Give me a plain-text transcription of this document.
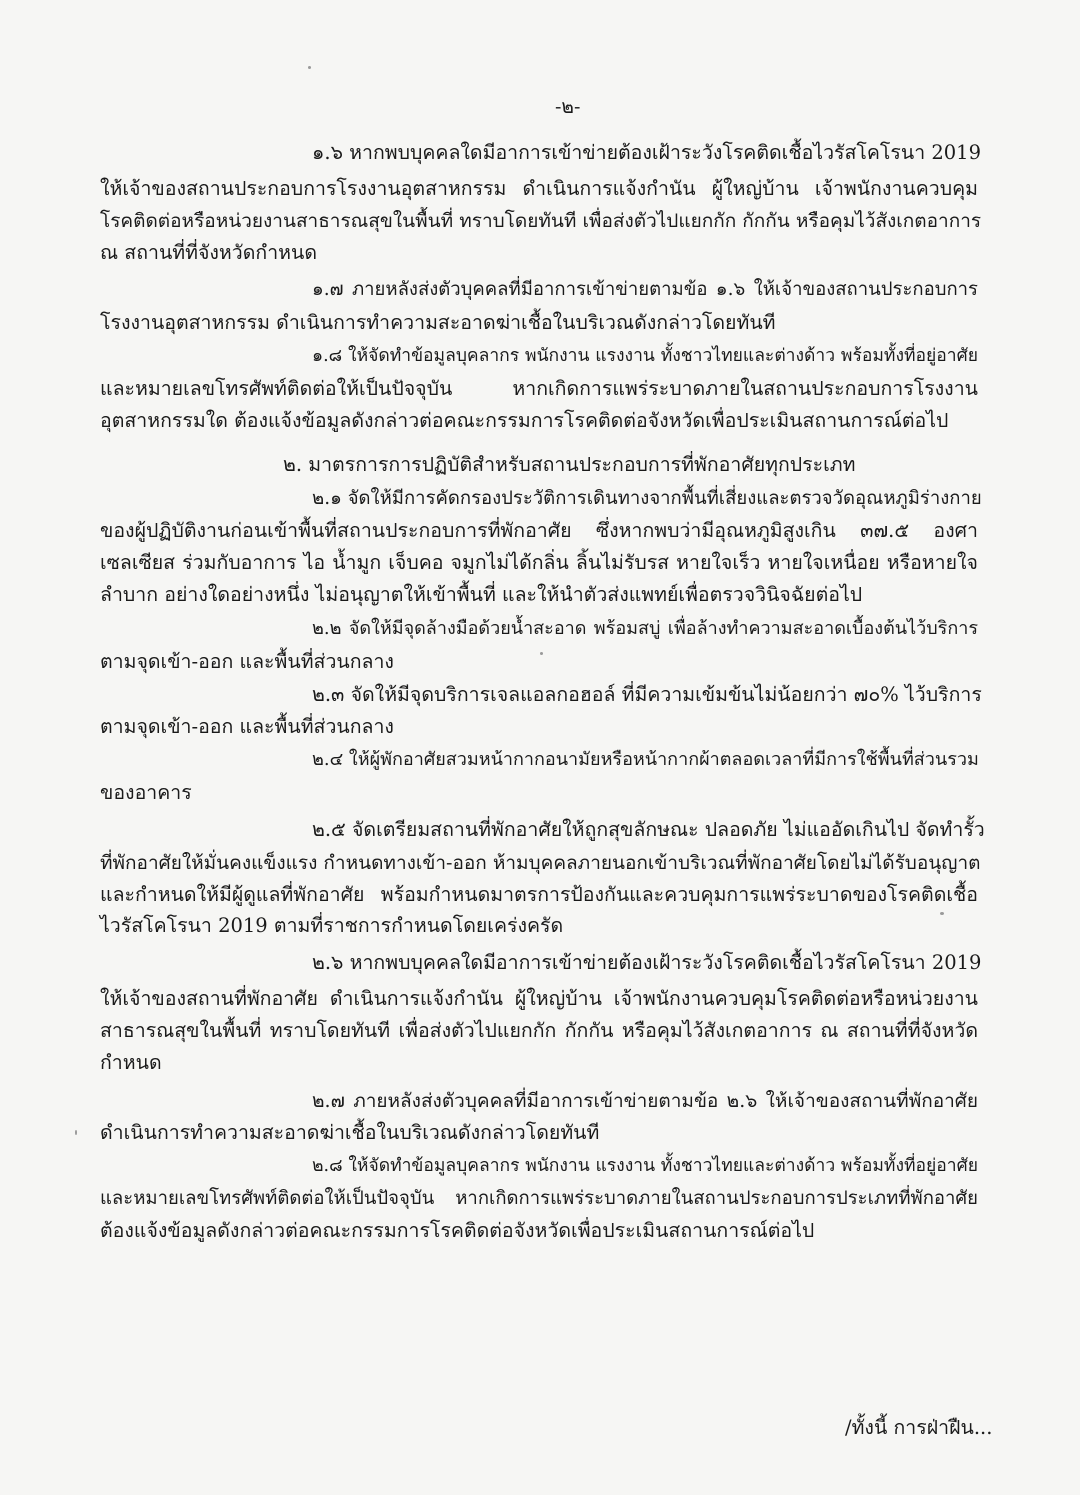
-๒-
๑.๖ หากพบบุคคลใดมีอาการเข้าข่ายต้องเฝ้าระวังโรคติดเชื้อไวรัสโคโรนา 2019
ให้เจ้าของสถานประกอบการโรงงานอุตสาหกรรม ดำเนินการแจ้งกำนัน ผู้ใหญ่บ้าน เจ้าพนักงานควบคุม
โรคติดต่อหรือหน่วยงานสาธารณสุขในพื้นที่ ทราบโดยทันที เพื่อส่งตัวไปแยกกัก กักกัน หรือคุมไว้สังเกตอาการ
ณ สถานที่ที่จังหวัดกำหนด
๑.๗ ภายหลังส่งตัวบุคคลที่มีอาการเข้าข่ายตามข้อ ๑.๖ ให้เจ้าของสถานประกอบการ
โรงงานอุตสาหกรรม ดำเนินการทำความสะอาดฆ่าเชื้อในบริเวณดังกล่าวโดยทันที
๑.๘ ให้จัดทำข้อมูลบุคลากร พนักงาน แรงงาน ทั้งชาวไทยและต่างด้าว พร้อมทั้งที่อยู่อาศัย
และหมายเลขโทรศัพท์ติดต่อให้เป็นปัจจุบัน หากเกิดการแพร่ระบาดภายในสถานประกอบการโรงงาน
อุตสาหกรรมใด ต้องแจ้งข้อมูลดังกล่าวต่อคณะกรรมการโรคติดต่อจังหวัดเพื่อประเมินสถานการณ์ต่อไป
๒. มาตรการการปฏิบัติสำหรับสถานประกอบการที่พักอาศัยทุกประเภท
๒.๑ จัดให้มีการคัดกรองประวัติการเดินทางจากพื้นที่เสี่ยงและตรวจวัดอุณหภูมิร่างกาย
ของผู้ปฏิบัติงานก่อนเข้าพื้นที่สถานประกอบการที่พักอาศัย ซึ่งหากพบว่ามีอุณหภูมิสูงเกิน ๓๗.๕ องศา
เซลเซียส ร่วมกับอาการ ไอ น้ำมูก เจ็บคอ จมูกไม่ได้กลิ่น ลิ้นไม่รับรส หายใจเร็ว หายใจเหนื่อย หรือหายใจ
ลำบาก อย่างใดอย่างหนึ่ง ไม่อนุญาตให้เข้าพื้นที่ และให้นำตัวส่งแพทย์เพื่อตรวจวินิจฉัยต่อไป
๒.๒ จัดให้มีจุดล้างมือด้วยน้ำสะอาด พร้อมสบู่ เพื่อล้างทำความสะอาดเบื้องต้นไว้บริการ
ตามจุดเข้า-ออก และพื้นที่ส่วนกลาง
๒.๓ จัดให้มีจุดบริการเจลแอลกอฮอล์ ที่มีความเข้มข้นไม่น้อยกว่า ๗๐% ไว้บริการ
ตามจุดเข้า-ออก และพื้นที่ส่วนกลาง
๒.๔ ให้ผู้พักอาศัยสวมหน้ากากอนามัยหรือหน้ากากผ้าตลอดเวลาที่มีการใช้พื้นที่ส่วนรวม
ของอาคาร
๒.๕ จัดเตรียมสถานที่พักอาศัยให้ถูกสุขลักษณะ ปลอดภัย ไม่แออัดเกินไป จัดทำรั้ว
ที่พักอาศัยให้มั่นคงแข็งแรง กำหนดทางเข้า-ออก ห้ามบุคคลภายนอกเข้าบริเวณที่พักอาศัยโดยไม่ได้รับอนุญาต
และกำหนดให้มีผู้ดูแลที่พักอาศัย พร้อมกำหนดมาตรการป้องกันและควบคุมการแพร่ระบาดของโรคติดเชื้อ
ไวรัสโคโรนา 2019 ตามที่ราชการกำหนดโดยเคร่งครัด
๒.๖ หากพบบุคคลใดมีอาการเข้าข่ายต้องเฝ้าระวังโรคติดเชื้อไวรัสโคโรนา 2019
ให้เจ้าของสถานที่พักอาศัย ดำเนินการแจ้งกำนัน ผู้ใหญ่บ้าน เจ้าพนักงานควบคุมโรคติดต่อหรือหน่วยงาน
สาธารณสุขในพื้นที่ ทราบโดยทันที เพื่อส่งตัวไปแยกกัก กักกัน หรือคุมไว้สังเกตอาการ ณ สถานที่ที่จังหวัด
กำหนด
๒.๗ ภายหลังส่งตัวบุคคลที่มีอาการเข้าข่ายตามข้อ ๒.๖ ให้เจ้าของสถานที่พักอาศัย
ดำเนินการทำความสะอาดฆ่าเชื้อในบริเวณดังกล่าวโดยทันที
๒.๘ ให้จัดทำข้อมูลบุคลากร พนักงาน แรงงาน ทั้งชาวไทยและต่างด้าว พร้อมทั้งที่อยู่อาศัย
และหมายเลขโทรศัพท์ติดต่อให้เป็นปัจจุบัน หากเกิดการแพร่ระบาดภายในสถานประกอบการประเภทที่พักอาศัย
ต้องแจ้งข้อมูลดังกล่าวต่อคณะกรรมการโรคติดต่อจังหวัดเพื่อประเมินสถานการณ์ต่อไป
/ทั้งนี้ การฝ่าฝืน...
